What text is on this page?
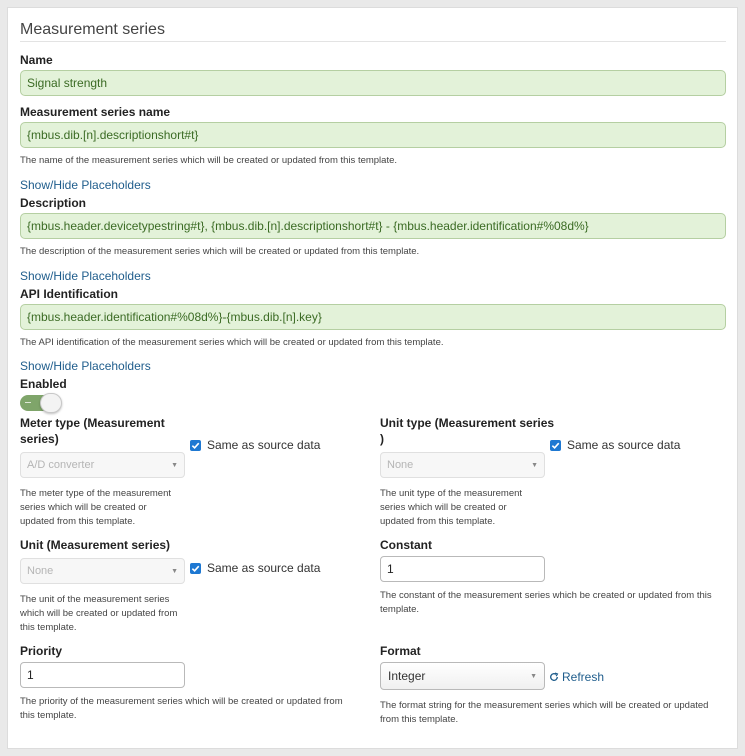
Measurement series
Name
Signal strength
Measurement series name
{mbus.dib.[n].descriptionshort#t}
The name of the measurement series which will be created or updated from this template.
Show/Hide Placeholders
Description
{mbus.header.devicetypestring#t}, {mbus.dib.[n].descriptionshort#t} - {mbus.header.identification#%08d%}
The description of the measurement series which will be created or updated from this template.
Show/Hide Placeholders
API Identification
{mbus.header.identification#%08d%}-{mbus.dib.[n].key}
The API identification of the measurement series which will be created or updated from this template.
Show/Hide Placeholders
Enabled
Meter type (Measurement
series)	Same as source data
A/D converter	▼
The meter type of the measurement
series which will be created or
updated from this template.
Unit type (Measurement series
)	Same as source data
None	▼
The unit type of the measurement
series which will be created or
updated from this template.
Unit (Measurement series)
None	▼ Same as source data
The unit of the measurement series
which will be created or updated from
this template.
Constant
1
The constant of the measurement series which be created or updated from this
template.
Priority
1
The priority of the measurement series which will be created or updated from
this template.
Format
Integer	▼ Refresh
The format string for the measurement series which will be created or updated
from this template.
